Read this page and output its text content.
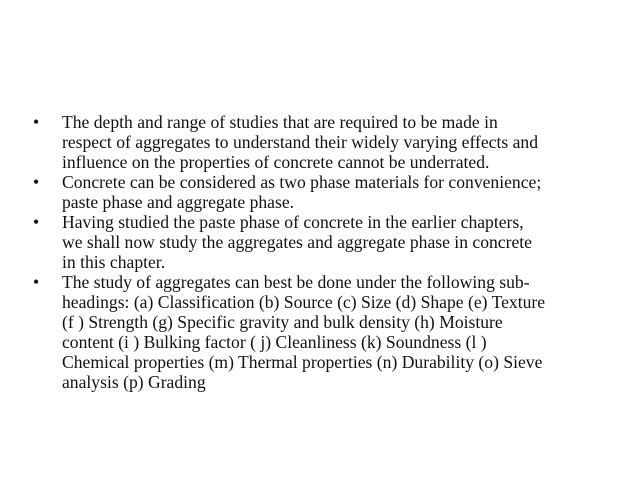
• The depth and range of studies that are required to be made in
respect of aggregates to understand their widely varying effects and
influence on the properties of concrete cannot be underrated.
• Concrete can be considered as two phase materials for convenience;
paste phase and aggregate phase.
• Having studied the paste phase of concrete in the earlier chapters,
we shall now study the aggregates and aggregate phase in concrete
in this chapter.
• The study of aggregates can best be done under the following sub-
headings: (a) Classification (b) Source (c) Size (d) Shape (e) Texture
(f ) Strength (g) Specific gravity and bulk density (h) Moisture
content (i ) Bulking factor ( j) Cleanliness (k) Soundness (l )
Chemical properties (m) Thermal properties (n) Durability (o) Sieve
analysis (p) Grading
